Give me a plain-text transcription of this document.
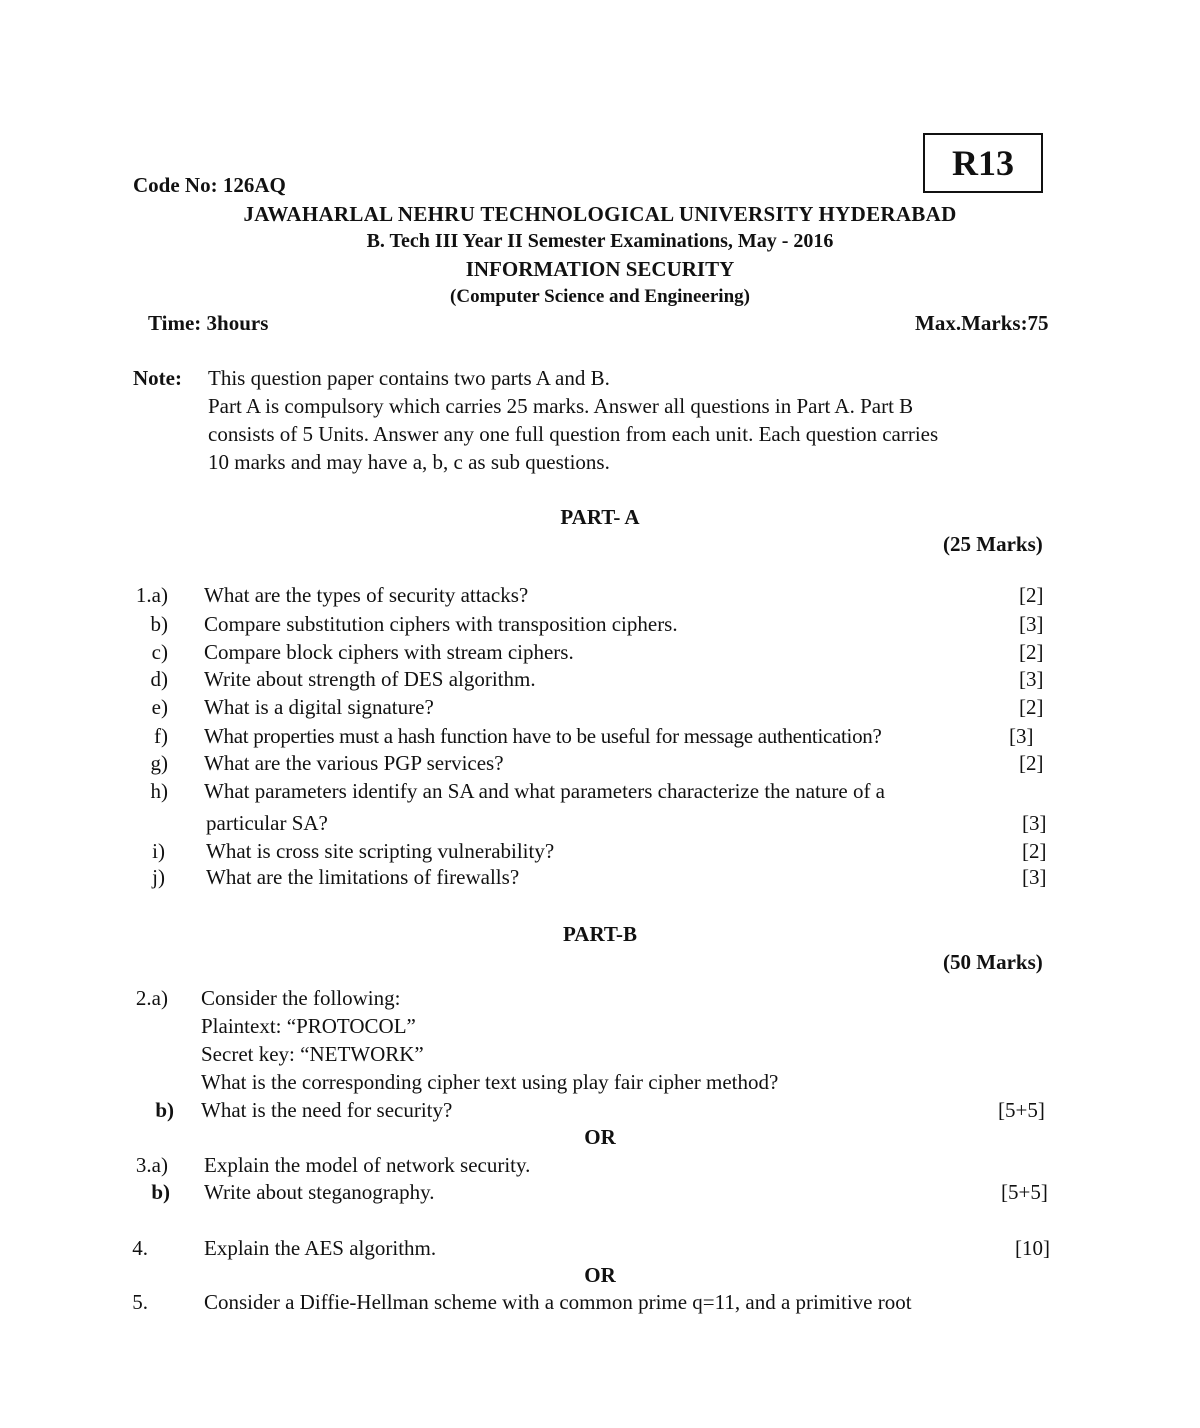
Code No: 126AQ
R13
JAWAHARLAL NEHRU TECHNOLOGICAL UNIVERSITY HYDERABAD
B. Tech III Year II Semester Examinations, May - 2016
INFORMATION SECURITY
(Computer Science and Engineering)
Time: 3hours	Max.Marks:75
Note: This question paper contains two parts A and B.
Part A is compulsory which carries 25 marks. Answer all questions in Part A. Part B
consists of 5 Units. Answer any one full question from each unit. Each question carries
10 marks and may have a, b, c as sub questions.
PART- A
(25 Marks)
1.a) What are the types of security attacks?	[2]
b) Compare substitution ciphers with transposition ciphers.	[3]
c) Compare block ciphers with stream ciphers.	[2]
d) Write about strength of DES algorithm.	[3]
e) What is a digital signature?	[2]
f) What properties must a hash function have to be useful for message authentication?	[3]
g) What are the various PGP services?	[2]
h) What parameters identify an SA and what parameters characterize the nature of a
particular SA?	[3]
i) What is cross site scripting vulnerability?	[2]
j) What are the limitations of firewalls?	[3]
PART-B
(50 Marks)
2.a) Consider the following:
Plaintext: “PROTOCOL”
Secret key: “NETWORK”
What is the corresponding cipher text using play fair cipher method?
b) What is the need for security?	[5+5]
OR
3.a) Explain the model of network security.
b) Write about steganography.	[5+5]
4.	Explain the AES algorithm.	[10]
OR
5.	Consider a Diffie-Hellman scheme with a common prime q=11, and a primitive root
